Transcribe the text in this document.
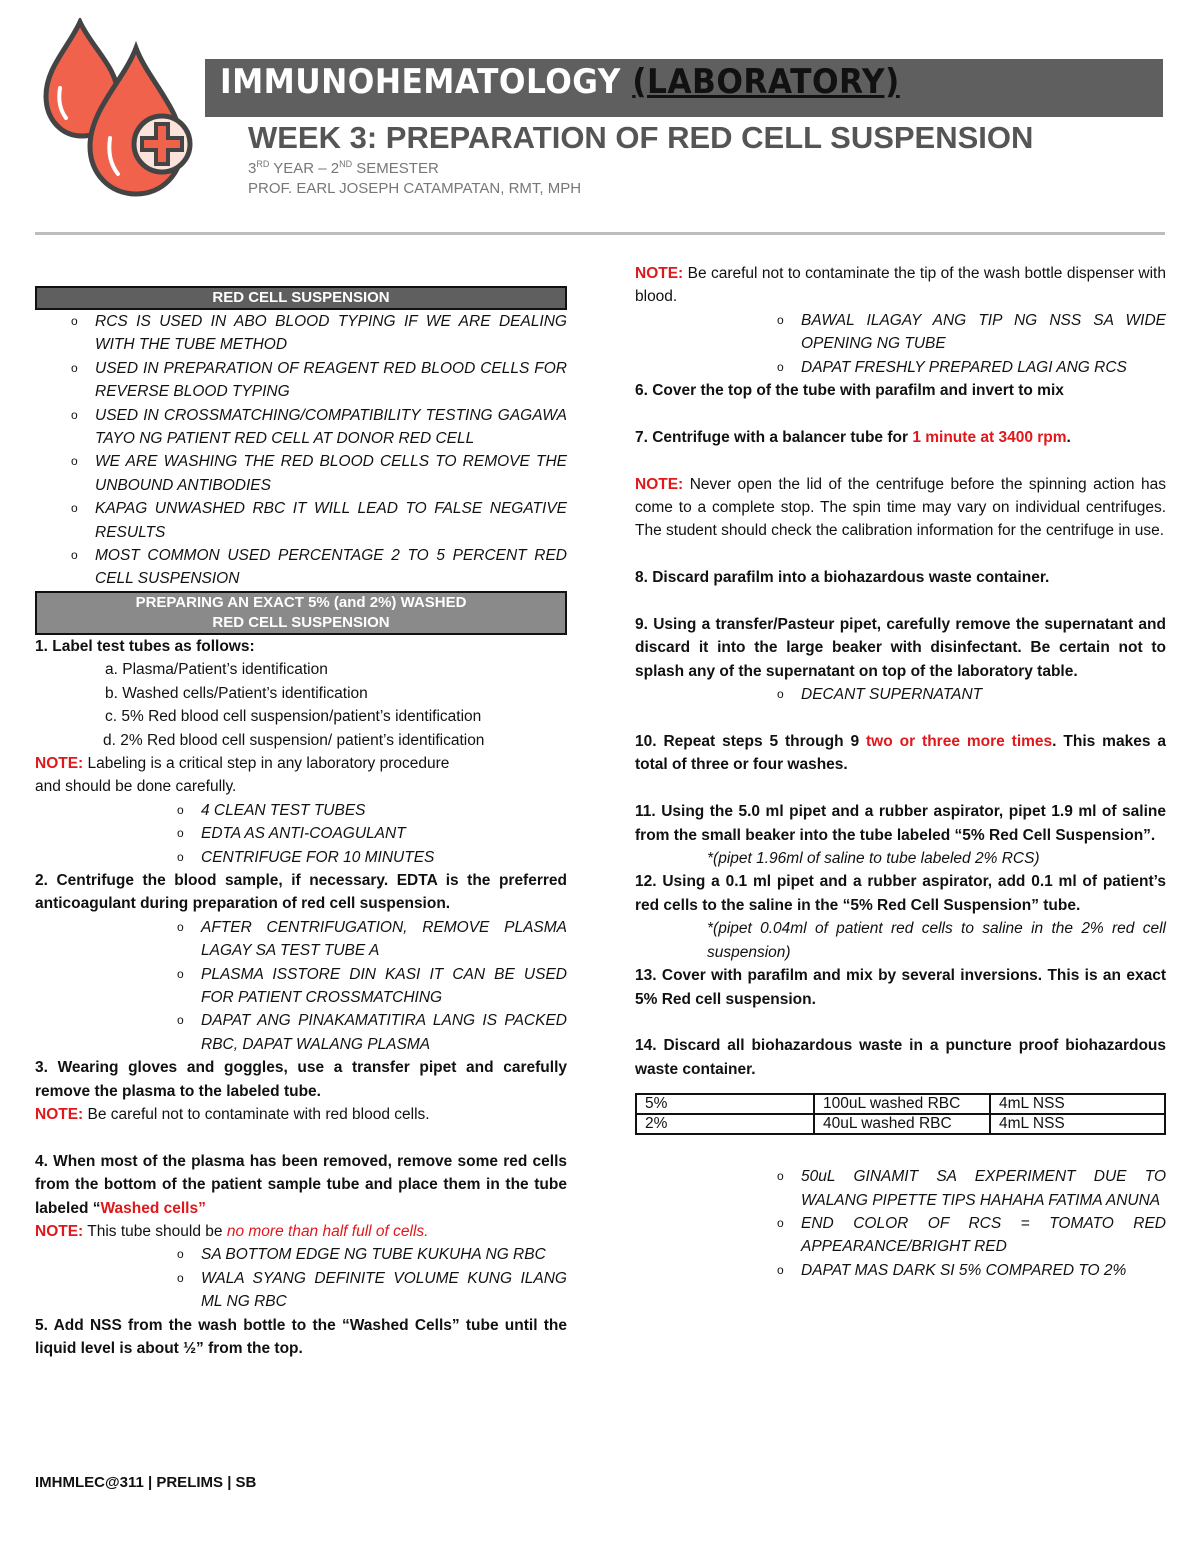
IMMUNOHEMATOLOGY (LABORATORY)
WEEK 3: PREPARATION OF RED CELL SUSPENSION
3RD YEAR – 2ND SEMESTER
PROF. EARL JOSEPH CATAMPATAN, RMT, MPH
RED CELL SUSPENSION
o	RCS IS USED IN ABO BLOOD TYPING IF WE ARE DEALING WITH THE TUBE METHOD
o	USED IN PREPARATION OF REAGENT RED BLOOD CELLS FOR REVERSE BLOOD TYPING
o	USED IN CROSSMATCHING/COMPATIBILITY TESTING GAGAWA TAYO NG PATIENT RED CELL AT DONOR RED CELL
o	WE ARE WASHING THE RED BLOOD CELLS TO REMOVE THE UNBOUND ANTIBODIES
o	KAPAG UNWASHED RBC IT WILL LEAD TO FALSE NEGATIVE RESULTS
o	MOST COMMON USED PERCENTAGE 2 TO 5 PERCENT RED CELL SUSPENSION
PREPARING AN EXACT 5% (and 2%) WASHED
RED CELL SUSPENSION

1. Label test tubes as follows:

a. Plasma/Patient’s identification

b. Washed cells/Patient’s identification

c. 5% Red blood cell suspension/patient’s identification

d. 2% Red blood cell suspension/ patient’s identification

NOTE: Labeling is a critical step in any laboratory procedure

and should be done carefully.

o	4 CLEAN TEST TUBES
o	EDTA AS ANTI-COAGULANT
o	CENTRIFUGE FOR 10 MINUTES

2. Centrifuge the blood sample, if necessary. EDTA is the preferred anticoagulant during preparation of red cell suspension.

o	AFTER CENTRIFUGATION, REMOVE PLASMA LAGAY SA TEST TUBE A
o	PLASMA ISSTORE DIN KASI IT CAN BE USED FOR PATIENT CROSSMATCHING
o	DAPAT ANG PINAKAMATITIRA LANG IS PACKED RBC, DAPAT WALANG PLASMA

3. Wearing gloves and goggles, use a transfer pipet and carefully remove the plasma to the labeled tube.

NOTE: Be careful not to contaminate with red blood cells.

4. When most of the plasma has been removed, remove some red cells from the bottom of the patient sample tube and place them in the tube labeled “Washed cells”

NOTE: This tube should be no more than half full of cells.

o	SA BOTTOM EDGE NG TUBE KUKUHA NG RBC
o	WALA SYANG DEFINITE VOLUME KUNG ILANG ML NG RBC

5. Add NSS from the wash bottle to the “Washed Cells” tube until the liquid level is about ½” from the top.

NOTE: Be careful not to contaminate the tip of the wash bottle dispenser with blood.

o	BAWAL ILAGAY ANG TIP NG NSS SA WIDE OPENING NG TUBE
o	DAPAT FRESHLY PREPARED LAGI ANG RCS

6. Cover the top of the tube with parafilm and invert to mix

7. Centrifuge with a balancer tube for 1 minute at 3400 rpm.

NOTE: Never open the lid of the centrifuge before the spinning action has come to a complete stop. The spin time may vary on individual centrifuges. The student should check the calibration information for the centrifuge in use.

8. Discard parafilm into a biohazardous waste container.

9. Using a transfer/Pasteur pipet, carefully remove the supernatant and discard it into the large beaker with disinfectant. Be certain not to splash any of the supernatant on top of the laboratory table.

o	DECANT SUPERNATANT

10. Repeat steps 5 through 9 two or three more times. This makes a total of three or four washes.

11. Using the 5.0 ml pipet and a rubber aspirator, pipet 1.9 ml of saline from the small beaker into the tube labeled “5% Red Cell Suspension”.

*(pipet 1.96ml of saline to tube labeled 2% RCS)

12. Using a 0.1 ml pipet and a rubber aspirator, add 0.1 ml of patient’s red cells to the saline in the “5% Red Cell Suspension” tube.

*(pipet 0.04ml of patient red cells to saline in the 2% red cell suspension)

13. Cover with parafilm and mix by several inversions. This is an exact 5% Red cell suspension.

14. Discard all biohazardous waste in a puncture proof biohazardous waste container.

5%	100uL washed RBC	4mL NSS
2%	40uL washed RBC	4mL NSS
o	50uL GINAMIT SA EXPERIMENT DUE TO WALANG PIPETTE TIPS HAHAHA FATIMA ANUNA
o	END COLOR OF RCS = TOMATO RED APPEARANCE/BRIGHT RED
o	DAPAT MAS DARK SI 5% COMPARED TO 2%
IMHMLEC@311 | PRELIMS | SB
